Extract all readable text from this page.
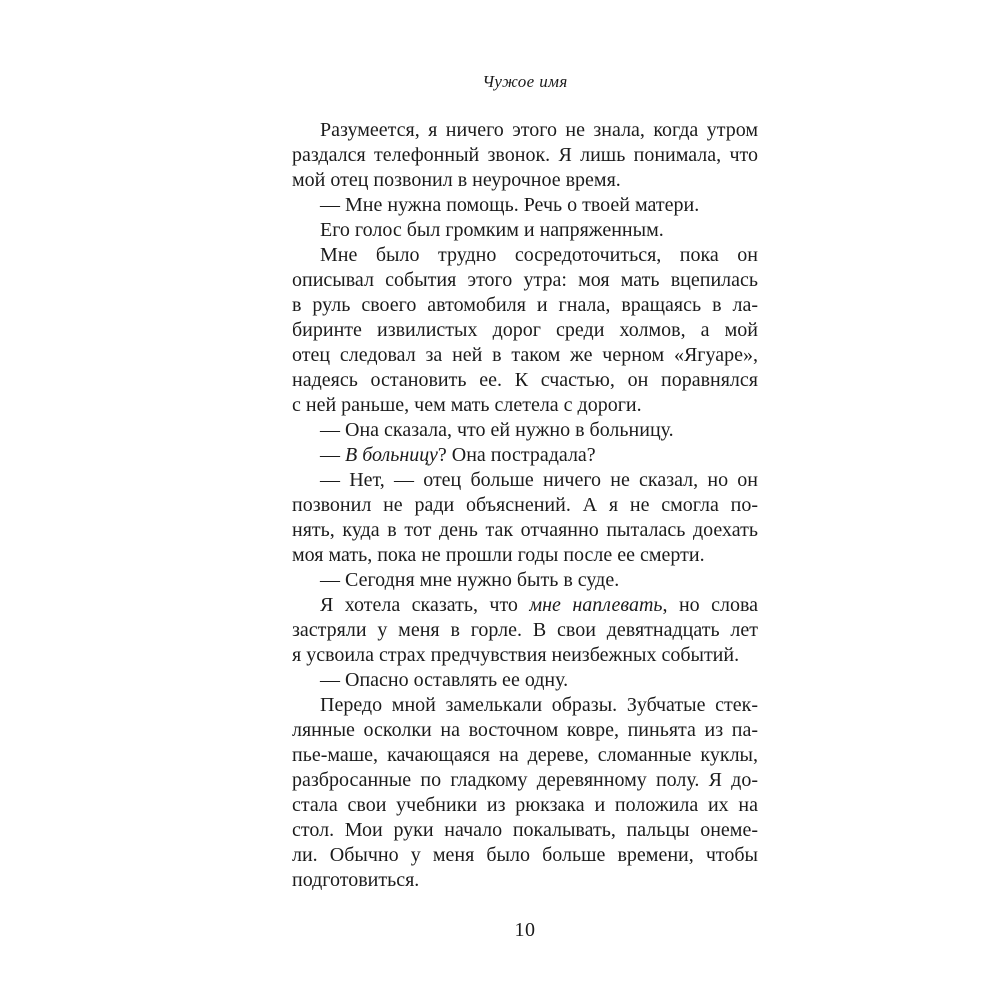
Чужое имя
Разумеется, я ничего этого не знала, когда утром
раздался телефонный звонок. Я лишь понимала, что
мой отец позвонил в неурочное время.
— Мне нужна помощь. Речь о твоей матери.
Его голос был громким и напряженным.
Мне было трудно сосредоточиться, пока он
описывал события этого утра: моя мать вцепилась
в руль своего автомобиля и гнала, вращаясь в ла-
биринте извилистых дорог среди холмов, а мой
отец следовал за ней в таком же черном «Ягуаре»,
надеясь остановить ее. К счастью, он поравнялся
с ней раньше, чем мать слетела с дороги.
— Она сказала, что ей нужно в больницу.
— В больницу? Она пострадала?
— Нет, — отец больше ничего не сказал, но он
позвонил не ради объяснений. А я не смогла по-
нять, куда в тот день так отчаянно пыталась доехать
моя мать, пока не прошли годы после ее смерти.
— Сегодня мне нужно быть в суде.
Я хотела сказать, что мне наплевать, но слова
застряли у меня в горле. В свои девятнадцать лет
я усвоила страх предчувствия неизбежных событий.
— Опасно оставлять ее одну.
Передо мной замелькали образы. Зубчатые стек-
лянные осколки на восточном ковре, пиньята из па-
пье-маше, качающаяся на дереве, сломанные куклы,
разбросанные по гладкому деревянному полу. Я до-
стала свои учебники из рюкзака и положила их на
стол. Мои руки начало покалывать, пальцы онеме-
ли. Обычно у меня было больше времени, чтобы
подготовиться.
10
